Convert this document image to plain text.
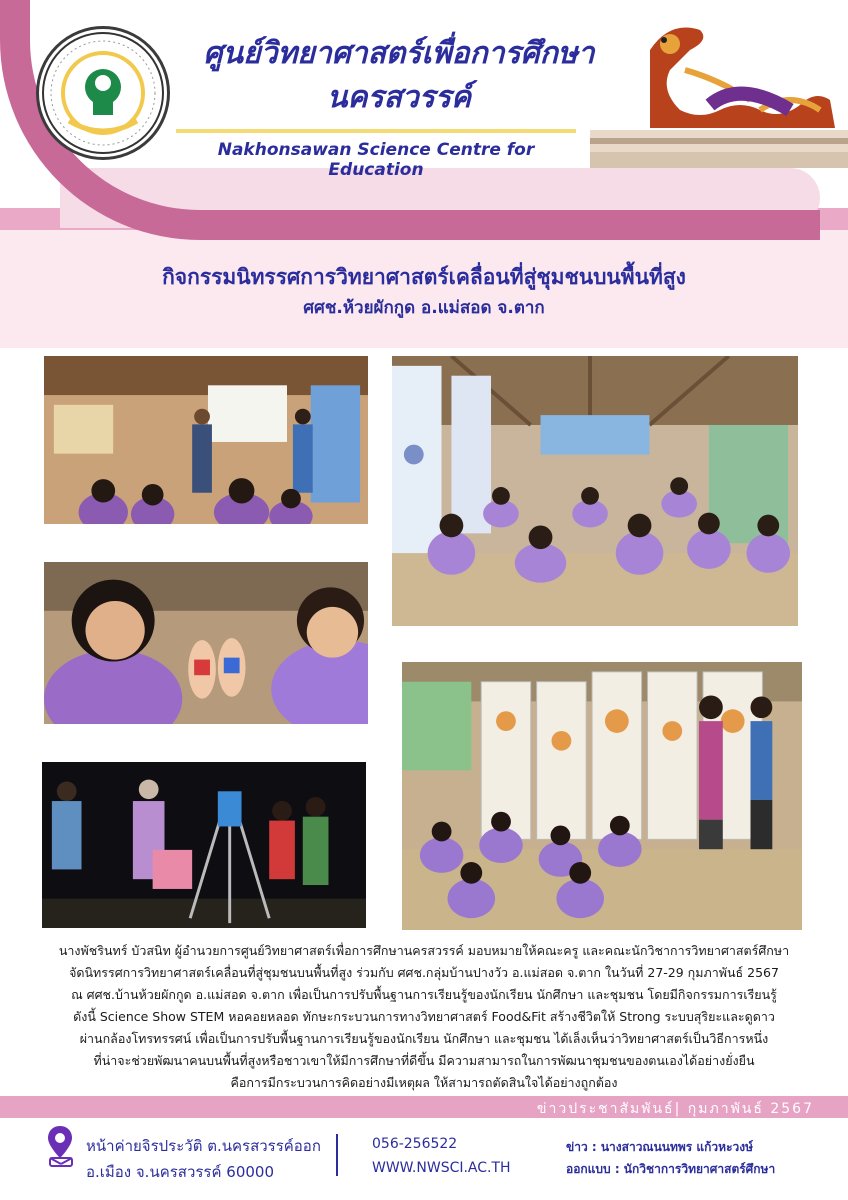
ศูนย์วิทยาศาสตร์เพื่อการศึกษา
นครสวรรค์
Nakhonsawan Science Centre for Education
กิจกรรมนิทรรศการวิทยาศาสตร์เคลื่อนที่สู่ชุมชนบนพื้นที่สูง
ศศช.ห้วยผักกูด อ.แม่สอด จ.ตาก
นางพัชรินทร์ บัวสนิท ผู้อำนวยการศูนย์วิทยาศาสตร์เพื่อการศึกษานครสวรรค์ มอบหมายให้คณะครู และคณะนักวิชาการวิทยาศาสตร์ศึกษา
จัดนิทรรศการวิทยาศาสตร์เคลื่อนที่สู่ชุมชนบนพื้นที่สูง ร่วมกับ ศศช.กลุ่มบ้านปางวัว อ.แม่สอด จ.ตาก ในวันที่ 27-29 กุมภาพันธ์ 2567
ณ ศศช.บ้านห้วยผักกูด อ.แม่สอด จ.ตาก เพื่อเป็นการปรับพื้นฐานการเรียนรู้ของนักเรียน นักศึกษา และชุมชน โดยมีกิจกรรมการเรียนรู้
ดังนี้ Science Show STEM หอคอยหลอด ทักษะกระบวนการทางวิทยาศาสตร์ Food&Fit สร้างชีวิตให้ Strong ระบบสุริยะและดูดาว
ผ่านกล้องโทรทรรศน์ เพื่อเป็นการปรับพื้นฐานการเรียนรู้ของนักเรียน นักศึกษา และชุมชน ได้เล็งเห็นว่าวิทยาศาสตร์เป็นวิธีการหนึ่ง
ที่น่าจะช่วยพัฒนาคนบนพื้นที่สูงหรือชาวเขาให้มีการศึกษาที่ดีขึ้น มีความสามารถในการพัฒนาชุมชนของตนเองได้อย่างยั่งยืน
คือการมีกระบวนการคิดอย่างมีเหตุผล ให้สามารถตัดสินใจได้อย่างถูกต้อง
ข่าวประชาสัมพันธ์| กุมภาพันธ์ 2567
หน้าค่ายจิรประวัติ ต.นครสวรรค์ออก
อ.เมือง จ.นครสวรรค์ 60000
056-256522
WWW.NWSCI.AC.TH
ข่าว : นางสาวณนนทพร แก้วหะวงษ์
ออกแบบ : นักวิชาการวิทยาศาสตร์ศึกษา
